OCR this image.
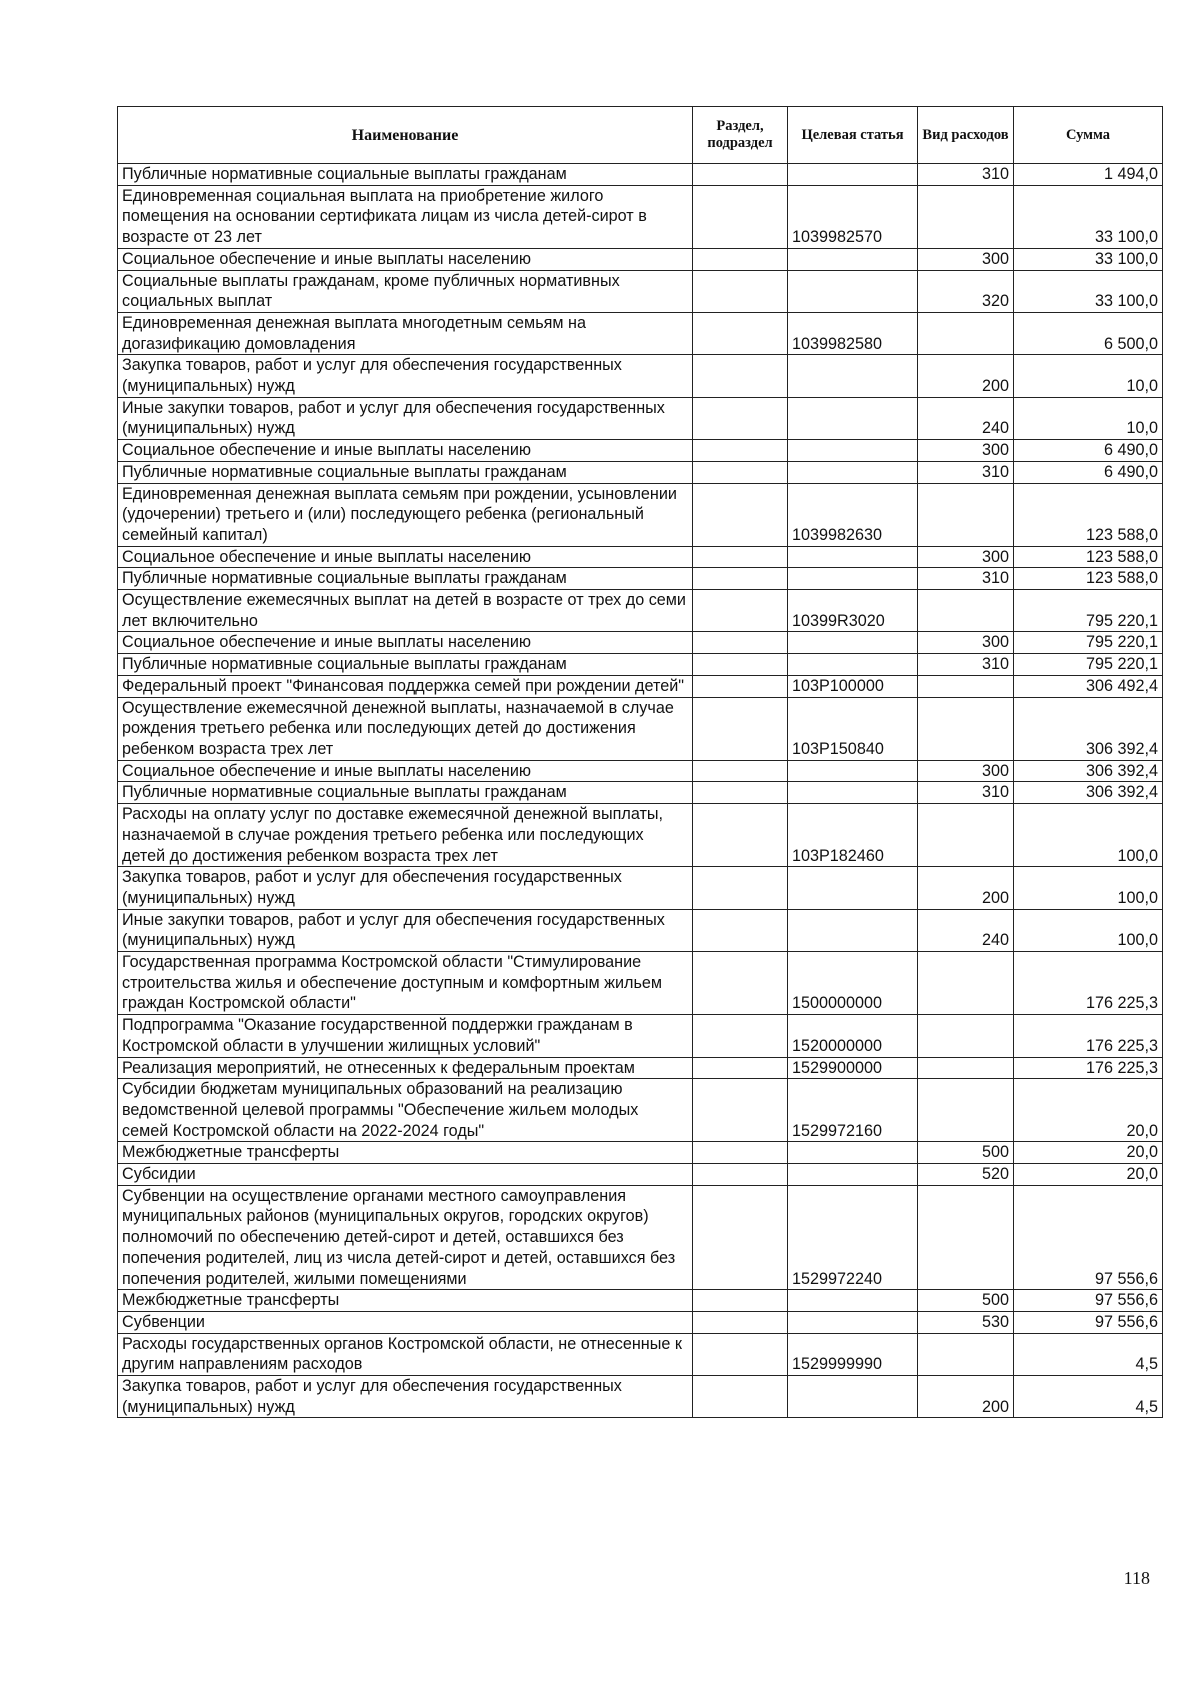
Наименование	Раздел, подраздел	Целевая статья	Вид расходов	Сумма
Публичные нормативные социальные выплаты гражданам			310	1 494,0
Единовременная социальная выплата на приобретение жилого помещения на основании сертификата лицам из числа детей-сирот в возрасте от 23 лет		1039982570		33 100,0
Социальное обеспечение и иные выплаты населению			300	33 100,0
Социальные выплаты гражданам, кроме публичных нормативных социальных выплат			320	33 100,0
Единовременная денежная выплата многодетным семьям на догазификацию домовладения		1039982580		6 500,0
Закупка товаров, работ и услуг для обеспечения государственных (муниципальных) нужд			200	10,0
Иные закупки товаров, работ и услуг для обеспечения государственных (муниципальных) нужд			240	10,0
Социальное обеспечение и иные выплаты населению			300	6 490,0
Публичные нормативные социальные выплаты гражданам			310	6 490,0
Единовременная денежная выплата семьям при рождении, усыновлении (удочерении) третьего и (или) последующего ребенка (региональный семейный капитал)		1039982630		123 588,0
Социальное обеспечение и иные выплаты населению			300	123 588,0
Публичные нормативные социальные выплаты гражданам			310	123 588,0
Осуществление ежемесячных выплат на детей в возрасте от трех до семи лет включительно		10399R3020		795 220,1
Социальное обеспечение и иные выплаты населению			300	795 220,1
Публичные нормативные социальные выплаты гражданам			310	795 220,1
Федеральный проект "Финансовая поддержка семей при рождении детей"		103P100000		306 492,4
Осуществление ежемесячной денежной выплаты, назначаемой в случае рождения третьего ребенка или последующих детей до достижения ребенком возраста трех лет		103P150840		306 392,4
Социальное обеспечение и иные выплаты населению			300	306 392,4
Публичные нормативные социальные выплаты гражданам			310	306 392,4
Расходы на оплату услуг по доставке ежемесячной денежной выплаты, назначаемой в случае рождения третьего ребенка или последующих детей до достижения ребенком возраста трех лет		103P182460		100,0
Закупка товаров, работ и услуг для обеспечения государственных (муниципальных) нужд			200	100,0
Иные закупки товаров, работ и услуг для обеспечения государственных (муниципальных) нужд			240	100,0
Государственная программа Костромской области "Стимулирование строительства жилья и обеспечение доступным и комфортным жильем граждан Костромской области"		1500000000		176 225,3
Подпрограмма "Оказание государственной поддержки гражданам в Костромской области в улучшении жилищных условий"		1520000000		176 225,3
Реализация мероприятий, не отнесенных к федеральным проектам		1529900000		176 225,3
Субсидии бюджетам муниципальных образований на реализацию ведомственной целевой программы "Обеспечение жильем молодых семей Костромской области на 2022-2024 годы"		1529972160		20,0
Межбюджетные трансферты			500	20,0
Субсидии			520	20,0
Субвенции на осуществление органами местного самоуправления муниципальных районов (муниципальных округов, городских округов) полномочий по обеспечению детей-сирот и детей, оставшихся без попечения родителей, лиц из числа детей-сирот и детей, оставшихся без попечения родителей, жилыми помещениями		1529972240		97 556,6
Межбюджетные трансферты			500	97 556,6
Субвенции			530	97 556,6
Расходы государственных органов Костромской области, не отнесенные к другим направлениям расходов		1529999990		4,5
Закупка товаров, работ и услуг для обеспечения государственных (муниципальных) нужд			200	4,5
118
